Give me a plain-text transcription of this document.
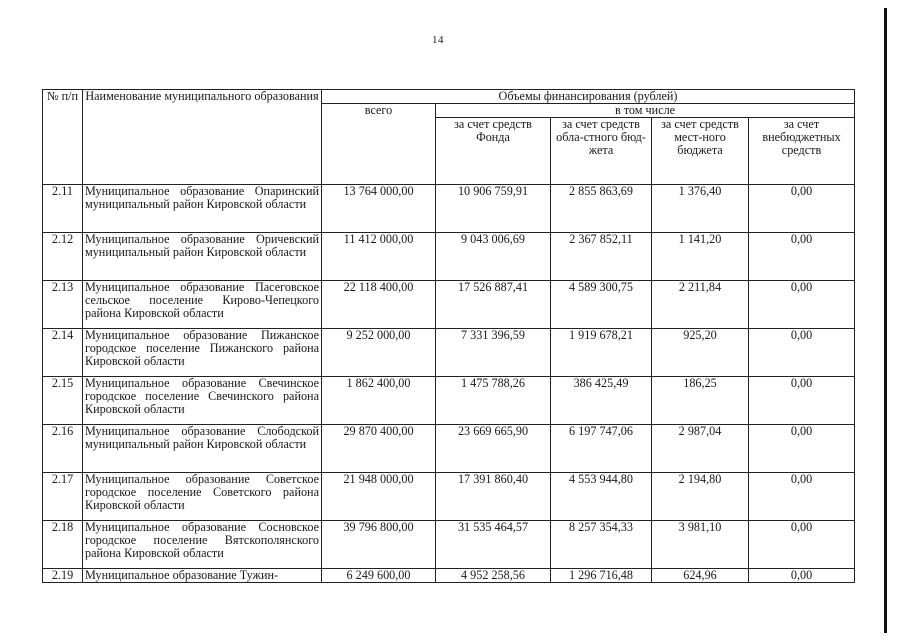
14
№ п/п	Наименование муниципального образования	Объемы финансирования (рублей)				
		всего	в том числе			
			за счет средств Фонда	за счет средств обла-стного бюд-жета	за счет средств мест-ного бюджета	за счет внебюджетных средств
2.11	Муниципальное образование Опаринский муниципальный район Кировской области	13 764 000,00	10 906 759,91	2 855 863,69	1 376,40	0,00
2.12	Муниципальное образование Оричевский муниципальный район Кировской области	11 412 000,00	9 043 006,69	2 367 852,11	1 141,20	0,00
2.13	Муниципальное образование Пасеговское сельское поселение Кирово-Чепецкого района Кировской области	22 118 400,00	17 526 887,41	4 589 300,75	2 211,84	0,00
2.14	Муниципальное образование Пижанское городское поселение Пижанского района Кировской области	9 252 000,00	7 331 396,59	1 919 678,21	925,20	0,00
2.15	Муниципальное образование Свечинское городское поселение Свечинского района Кировской области	1 862 400,00	1 475 788,26	386 425,49	186,25	0,00
2.16	Муниципальное образование Слободской муниципальный район Кировской области	29 870 400,00	23 669 665,90	6 197 747,06	2 987,04	0,00
2.17	Муниципальное образование Советское городское поселение Советского района Кировской области	21 948 000,00	17 391 860,40	4 553 944,80	2 194,80	0,00
2.18	Муниципальное образование Сосновское городское поселение Вятскополянского района Кировской области	39 796 800,00	31 535 464,57	8 257 354,33	3 981,10	0,00
2.19	Муниципальное образование Тужин-	6 249 600,00	4 952 258,56	1 296 716,48	624,96	0,00
